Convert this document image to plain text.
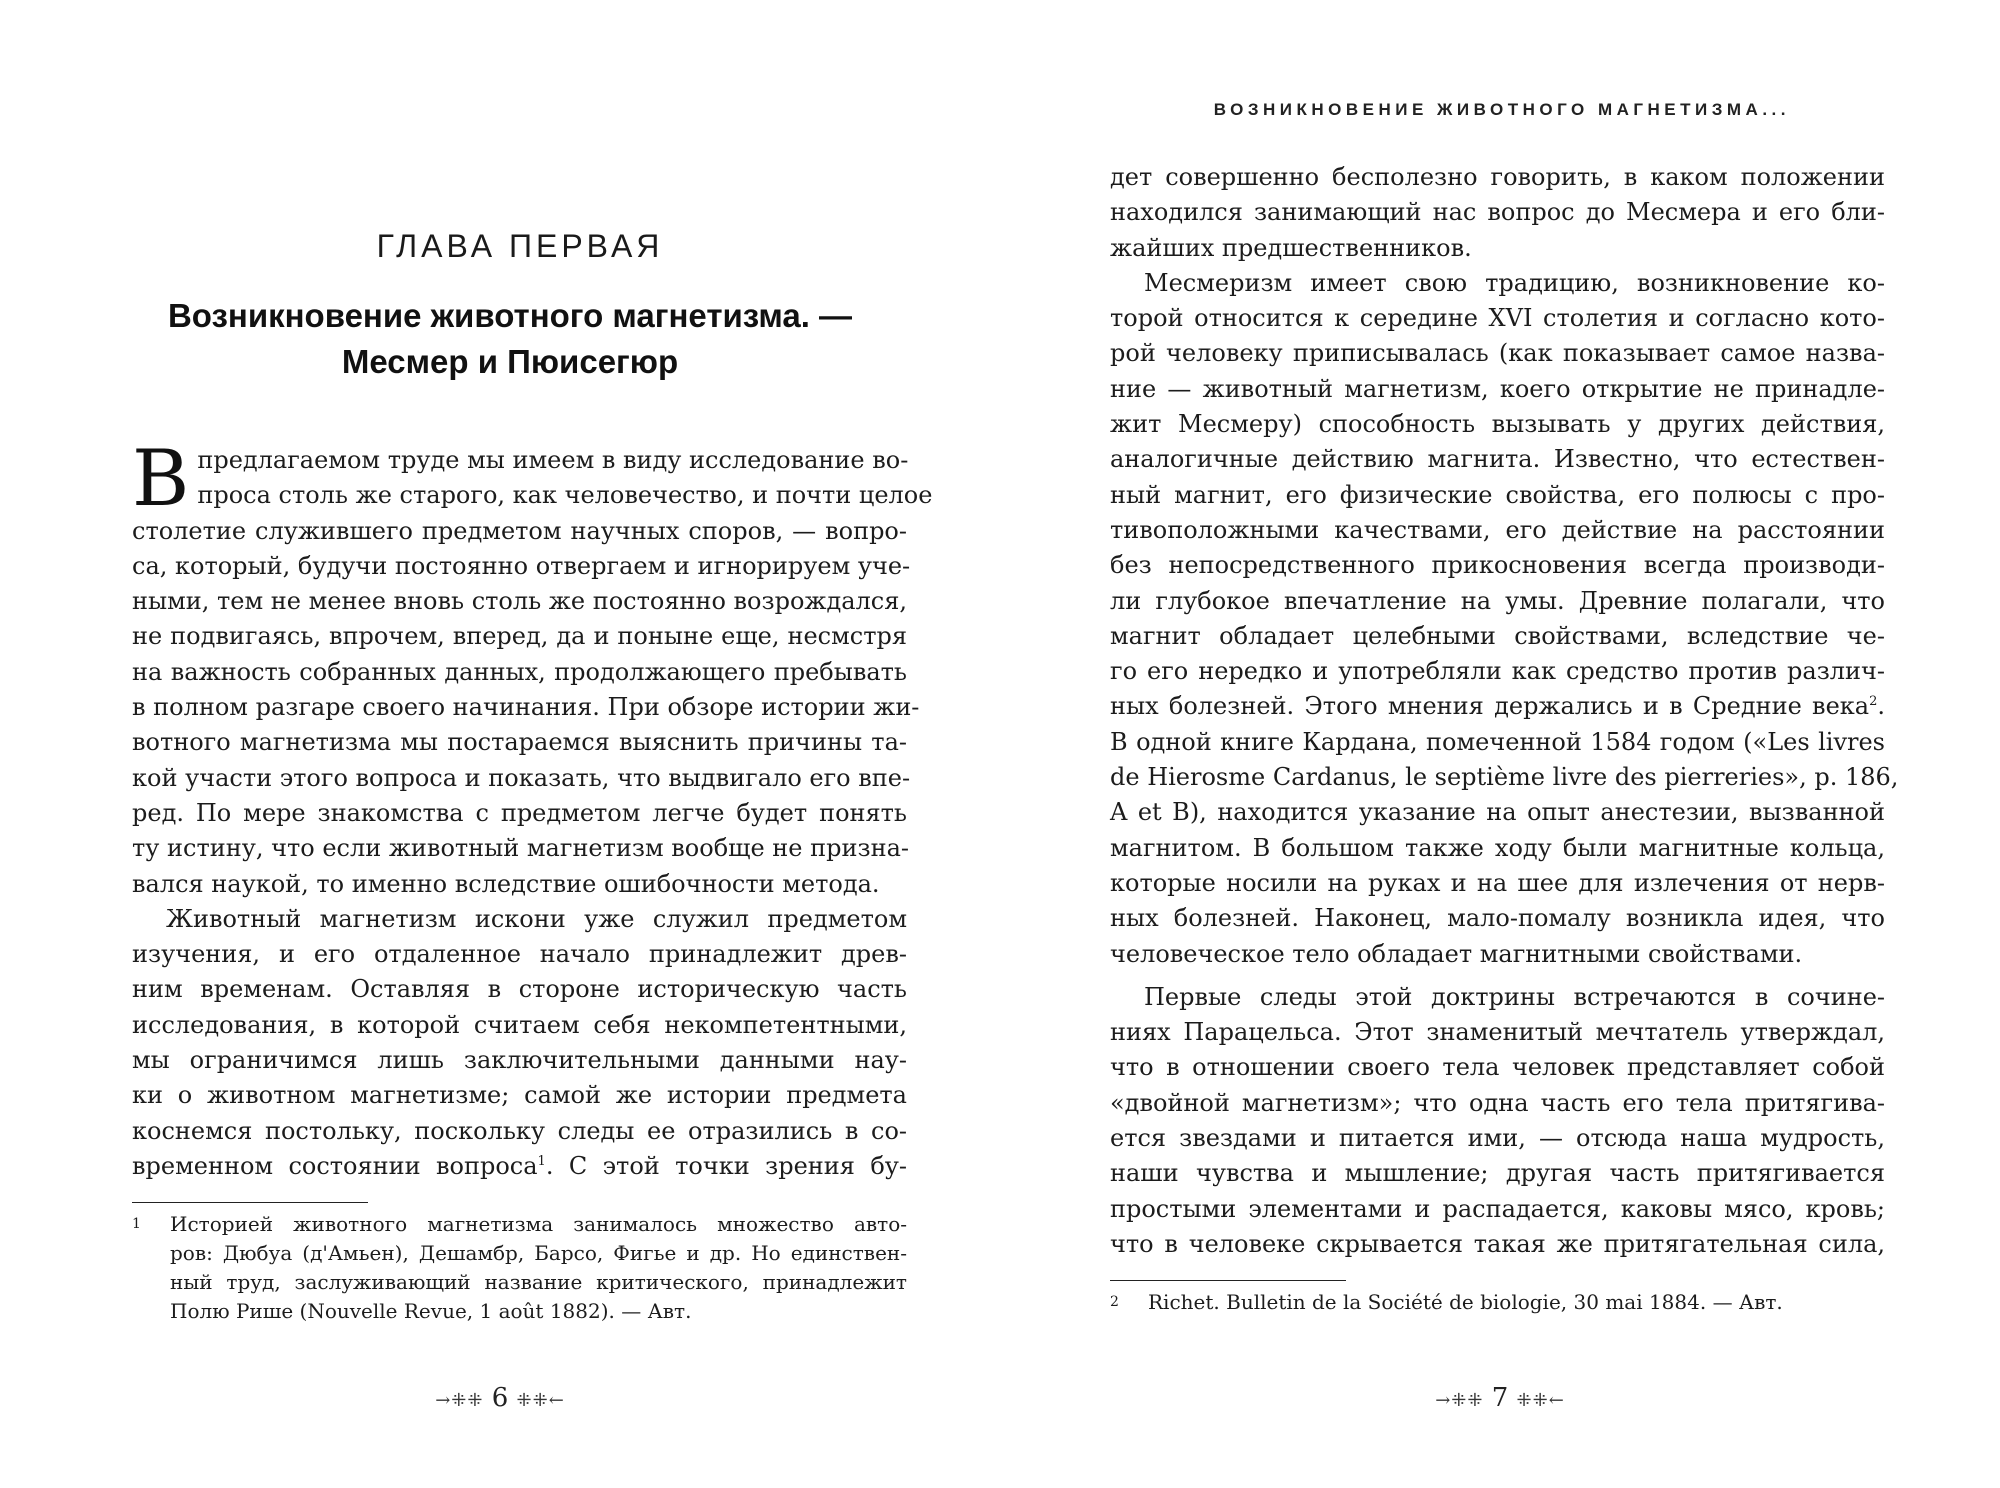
ГЛАВА ПЕРВАЯ
Возникновение животного магнетизма. —
Месмер и Пюисегюр
В предлагаемом труде мы имеем в виду исследование во-
проса столь же старого, как человечество, и почти целое
столетие служившего предметом научных споров, — вопро-
са, который, будучи постоянно отвергаем и игнорируем уче-
ными, тем не менее вновь столь же постоянно возрождался,
не подвигаясь, впрочем, вперед, да и поныне еще, несмстря
на важность собранных данных, продолжающего пребывать
в полном разгаре своего начинания. При обзоре истории жи-
вотного магнетизма мы постараемся выяснить причины та-
кой участи этого вопроса и показать, что выдвигало его впе-
ред. По мере знакомства с предметом легче будет понять
ту истину, что если животный магнетизм вообще не призна-
вался наукой, то именно вследствие ошибочности метода.
Животный магнетизм искони уже служил предметом
изучения, и его отдаленное начало принадлежит древ-
ним временам. Оставляя в стороне историческую часть
исследования, в которой считаем себя некомпетентными,
мы ограничимся лишь заключительными данными нау-
ки о животном магнетизме; самой же истории предмета
коснемся постольку, поскольку следы ее отразились в со-
временном состоянии вопроса$^1$. С этой точки зрения бу-
1 Историей животного магнетизма занималось множество авто-
ров: Дюбуа (д'Амьен), Дешамбр, Барсо, Фигье и др. Но единствен-
ный труд, заслуживающий название критического, принадлежит
Полю Рише (Nouvelle Revue, 1 août 1882). — Авт.
→⁜⁜ 6 ⁜⁜←
ВОЗНИКНОВЕНИЕ ЖИВОТНОГО МАГНЕТИЗМА...
дет совершенно бесполезно говорить, в каком положении
находился занимающий нас вопрос до Месмера и его бли-
жайших предшественников.
Месмеризм имеет свою традицию, возникновение ко-
торой относится к середине XVI столетия и согласно кото-
рой человеку приписывалась (как показывает самое назва-
ние — животный магнетизм, коего открытие не принадле-
жит Месмеру) способность вызывать у других действия,
аналогичные действию магнита. Известно, что естествен-
ный магнит, его физические свойства, его полюсы с про-
тивоположными качествами, его действие на расстоянии
без непосредственного прикосновения всегда производи-
ли глубокое впечатление на умы. Древние полагали, что
магнит обладает целебными свойствами, вследствие че-
го его нередко и употребляли как средство против различ-
ных болезней. Этого мнения держались и в Средние века$^2$.
В одной книге Кардана, помеченной 1584 годом («Les livres
de Hierosme Cardanus, le septième livre des pierreries», p. 186,
A et B), находится указание на опыт анестезии, вызванной
магнитом. В большом также ходу были магнитные кольца,
которые носили на руках и на шее для излечения от нерв-
ных болезней. Наконец, мало-помалу возникла идея, что
человеческое тело обладает магнитными свойствами.
Первые следы этой доктрины встречаются в сочине-
ниях Парацельса. Этот знаменитый мечтатель утверждал,
что в отношении своего тела человек представляет собой
«двойной магнетизм»; что одна часть его тела притягива-
ется звездами и питается ими, — отсюда наша мудрость,
наши чувства и мышление; другая часть притягивается
простыми элементами и распадается, каковы мясо, кровь;
что в человеке скрывается такая же притягательная сила,
2 Richet. Bulletin de la Société de biologie, 30 mai 1884. — Авт.
→⁜⁜ 7 ⁜⁜←
